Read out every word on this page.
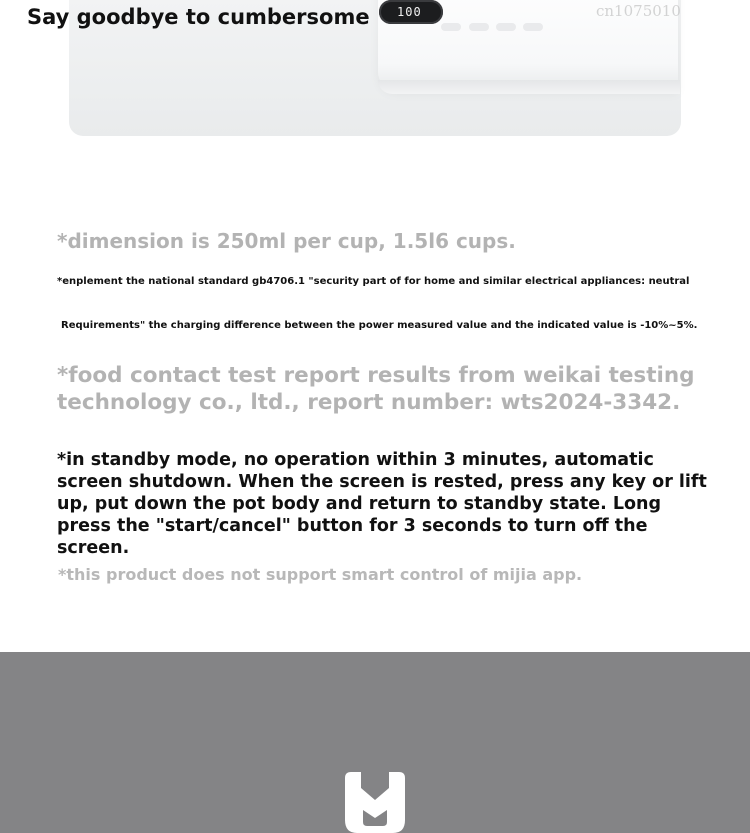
100	cn1075010
Say goodbye to cumbersome

*dimension is 250ml per cup, 1.5l6 cups.

*enplement the national standard gb4706.1 "security part of for home and similar electrical appliances: neutral

Requirements" the charging difference between the power measured value and the indicated value is -10%~5%.

*food contact test report results from weikai testing technology co., ltd., report number: wts2024-3342.

*in standby mode, no operation within 3 minutes, automatic screen shutdown. When the screen is rested, press any key or lift up, put down the pot body and return to standby state. Long press the "start/cancel" button for 3 seconds to turn off the screen.

*this product does not support smart control of mijia app.
